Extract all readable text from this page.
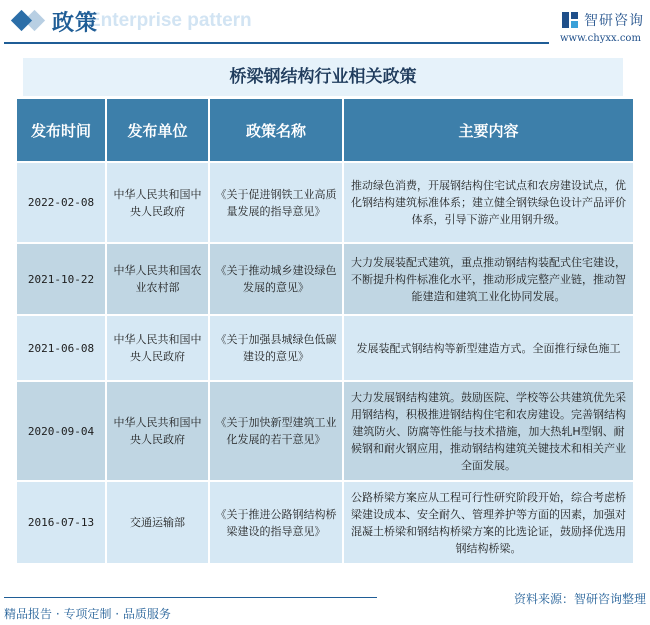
Enterprise pattern
政策	智研咨询
www.chyxx.com
桥梁钢结构行业相关政策
发布时间	发布单位	政策名称	主要内容
2022-02-08	中华人民共和国中央人民政府	《关于促进钢铁工业高质量发展的指导意见》	推动绿色消费，开展钢结构住宅试点和农房建设试点，优化钢结构建筑标准体系；建立健全钢铁绿色设计产品评价体系，引导下游产业用钢升级。
2021-10-22	中华人民共和国农业农村部	《关于推动城乡建设绿色发展的意见》	大力发展装配式建筑，重点推动钢结构装配式住宅建设，不断提升构件标准化水平，推动形成完整产业链，推动智能建造和建筑工业化协同发展。
2021-06-08	中华人民共和国中央人民政府	《关于加强县城绿色低碳建设的意见》	发展装配式钢结构等新型建造方式。全面推行绿色施工
2020-09-04	中华人民共和国中央人民政府	《关于加快新型建筑工业化发展的若干意见》	大力发展钢结构建筑。鼓励医院、学校等公共建筑优先采用钢结构，积极推进钢结构住宅和农房建设。完善钢结构建筑防火、防腐等性能与技术措施，加大热轧H型钢、耐候钢和耐火钢应用，推动钢结构建筑关键技术和相关产业全面发展。
2016-07-13	交通运输部	《关于推进公路钢结构桥梁建设的指导意见》	公路桥梁方案应从工程可行性研究阶段开始，综合考虑桥梁建设成本、安全耐久、管理养护等方面的因素，加强对混凝土桥梁和钢结构桥梁方案的比选论证，鼓励择优选用钢结构桥梁。
资料来源：智研咨询整理
精品报告 · 专项定制 · 品质服务
